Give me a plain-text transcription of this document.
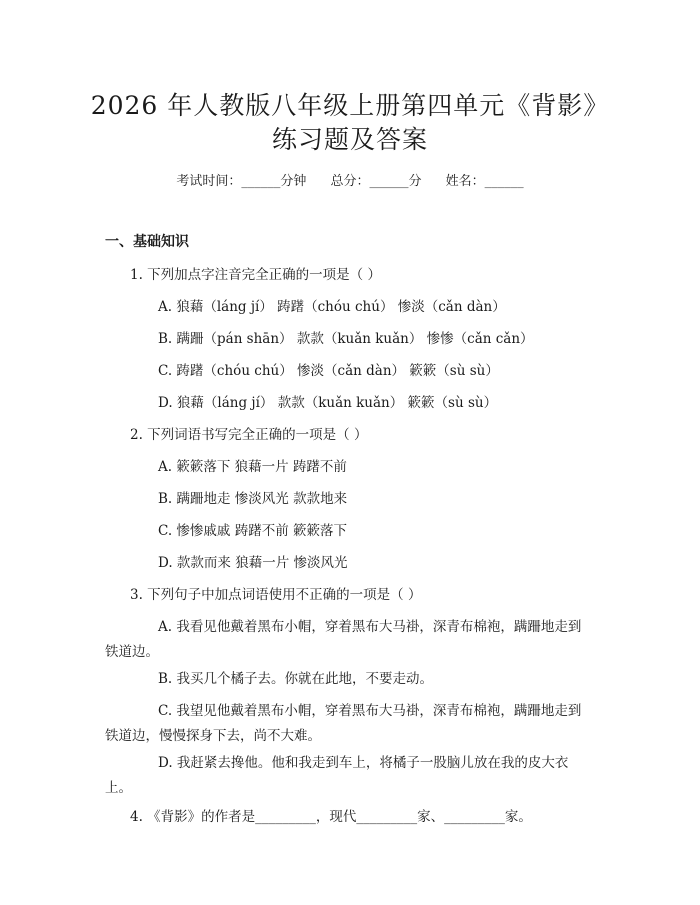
2026 年人教版八年级上册第四单元《背影》
练习题及答案
考试时间：______分钟 总分：______分 姓名：______
一、基础知识
1. 下列加点字注音完全正确的一项是（ ）
A. 狼藉（láng jí） 踌躇（chóu chú） 惨淡（cǎn dàn）
B. 蹒跚（pán shān） 款款（kuǎn kuǎn） 惨惨（cǎn cǎn）
C. 踌躇（chóu chú） 惨淡（cǎn dàn） 簌簌（sù sù）
D. 狼藉（láng jí） 款款（kuǎn kuǎn） 簌簌（sù sù）
2. 下列词语书写完全正确的一项是（ ）
A. 簌簌落下 狼藉一片 踌躇不前
B. 蹒跚地走 惨淡风光 款款地来
C. 惨惨戚戚 踌躇不前 簌簌落下
D. 款款而来 狼藉一片 惨淡风光
3. 下列句子中加点词语使用不正确的一项是（ ）
A. 我看见他戴着黑布小帽，穿着黑布大马褂，深青布棉袍，蹒跚地走到
铁道边。
B. 我买几个橘子去。你就在此地，不要走动。
C. 我望见他戴着黑布小帽，穿着黑布大马褂，深青布棉袍，蹒跚地走到
铁道边，慢慢探身下去，尚不大难。
D. 我赶紧去搀他。他和我走到车上，将橘子一股脑儿放在我的皮大衣
上。
4. 《背影》的作者是_________，现代_________家、_________家。
